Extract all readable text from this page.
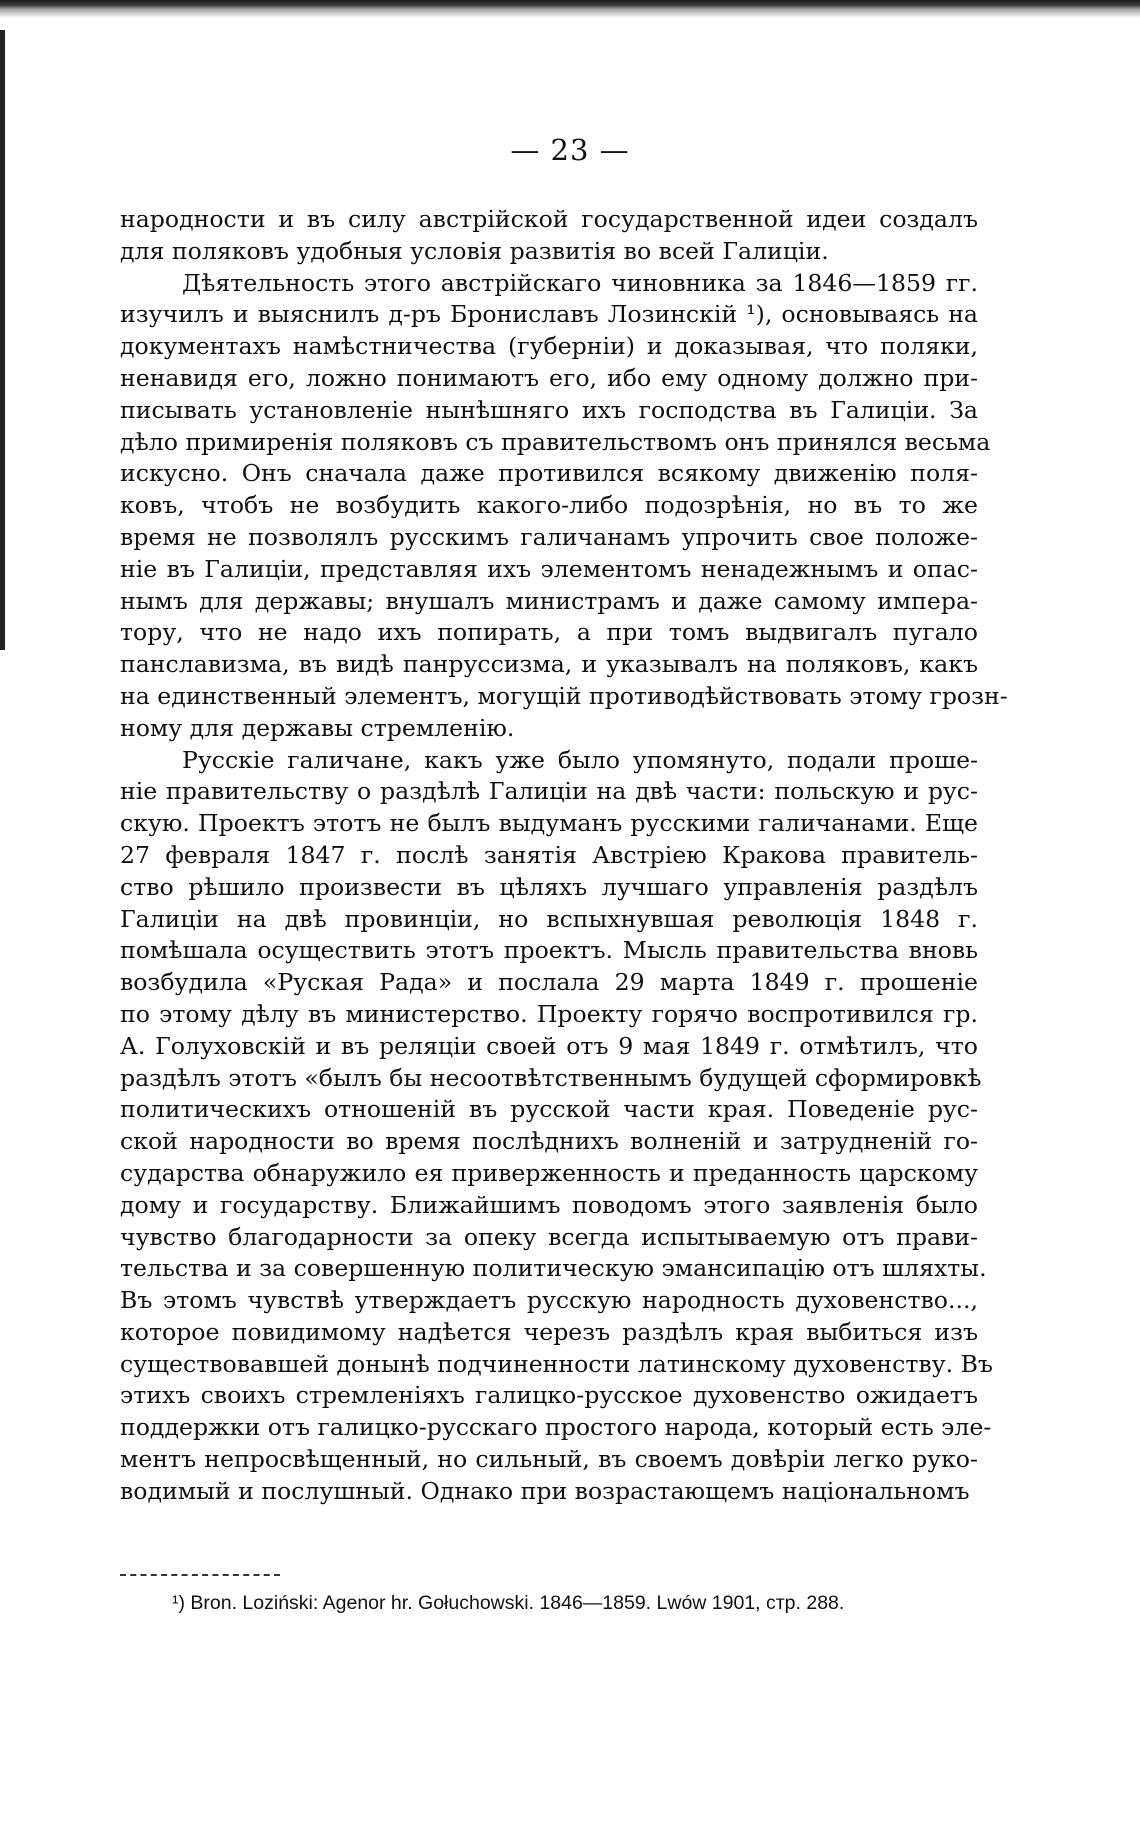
— 23 —

народности и въ силу австрійской государственной идеи создалъ
для поляковъ удобныя условія развитія во всей Галиціи.

Дѣятельность этого австрійскаго чиновника за 1846—1859 гг.
изучилъ и выяснилъ д-ръ Брониславъ Лозинскій ¹), основываясь на
документахъ намѣстничества (губерніи) и доказывая, что поляки,
ненавидя его, ложно понимаютъ его, ибо ему одному должно при-
писывать установленіе нынѣшняго ихъ господства въ Галиціи. За
дѣло примиренія поляковъ съ правительствомъ онъ принялся весьма
искусно. Онъ сначала даже противился всякому движенію поля-
ковъ, чтобъ не возбудить какого-либо подозрѣнія, но въ то же
время не позволялъ русскимъ галичанамъ упрочить свое положе-
ніе въ Галиціи, представляя ихъ элементомъ ненадежнымъ и опас-
нымъ для державы; внушалъ министрамъ и даже самому импера-
тору, что не надо ихъ попирать, а при томъ выдвигалъ пугало
панславизма, въ видѣ панруссизма, и указывалъ на поляковъ, какъ
на единственный элементъ, могущій противодѣйствовать этому грозн-
ному для державы стремленію.

Русскіе галичане, какъ уже было упомянуто, подали проше-
ніе правительству о раздѣлѣ Галиціи на двѣ части: польскую и рус-
скую. Проектъ этотъ не былъ выдуманъ русскими галичанами. Еще
27 февраля 1847 г. послѣ занятія Австріею Кракова правитель-
ство рѣшило произвести въ цѣляхъ лучшаго управленія раздѣлъ
Галиціи на двѣ провинціи, но вспыхнувшая революція 1848 г.
помѣшала осуществить этотъ проектъ. Мысль правительства вновь
возбудила «Руская Рада» и послала 29 марта 1849 г. прошеніе
по этому дѣлу въ министерство. Проекту горячо воспротивился гр.
А. Голуховскій и въ реляціи своей отъ 9 мая 1849 г. отмѣтилъ, что
раздѣлъ этотъ «былъ бы несоотвѣтственнымъ будущей сформировкѣ
политическихъ отношеній въ русской части края. Поведеніе рус-
ской народности во время послѣднихъ волненій и затрудненій го-
сударства обнаружило ея приверженность и преданность царскому
дому и государству. Ближайшимъ поводомъ этого заявленія было
чувство благодарности за опеку всегда испытываемую отъ прави-
тельства и за совершенную политическую эмансипацію отъ шляхты.
Въ этомъ чувствѣ утверждаетъ русскую народность духовенство...,
которое повидимому надѣется черезъ раздѣлъ края выбиться изъ
существовавшей донынѣ подчиненности латинскому духовенству. Въ
этихъ своихъ стремленіяхъ галицко-русское духовенство ожидаетъ
поддержки отъ галицко-русскаго простого народа, который есть эле-
ментъ непросвѣщенный, но сильный, въ своемъ довѣріи легко руко-
водимый и послушный. Однако при возрастающемъ національномъ

¹) Bron. Loziński: Agenor hr. Gołuchowski. 1846—1859. Lwów 1901, стр. 288.
